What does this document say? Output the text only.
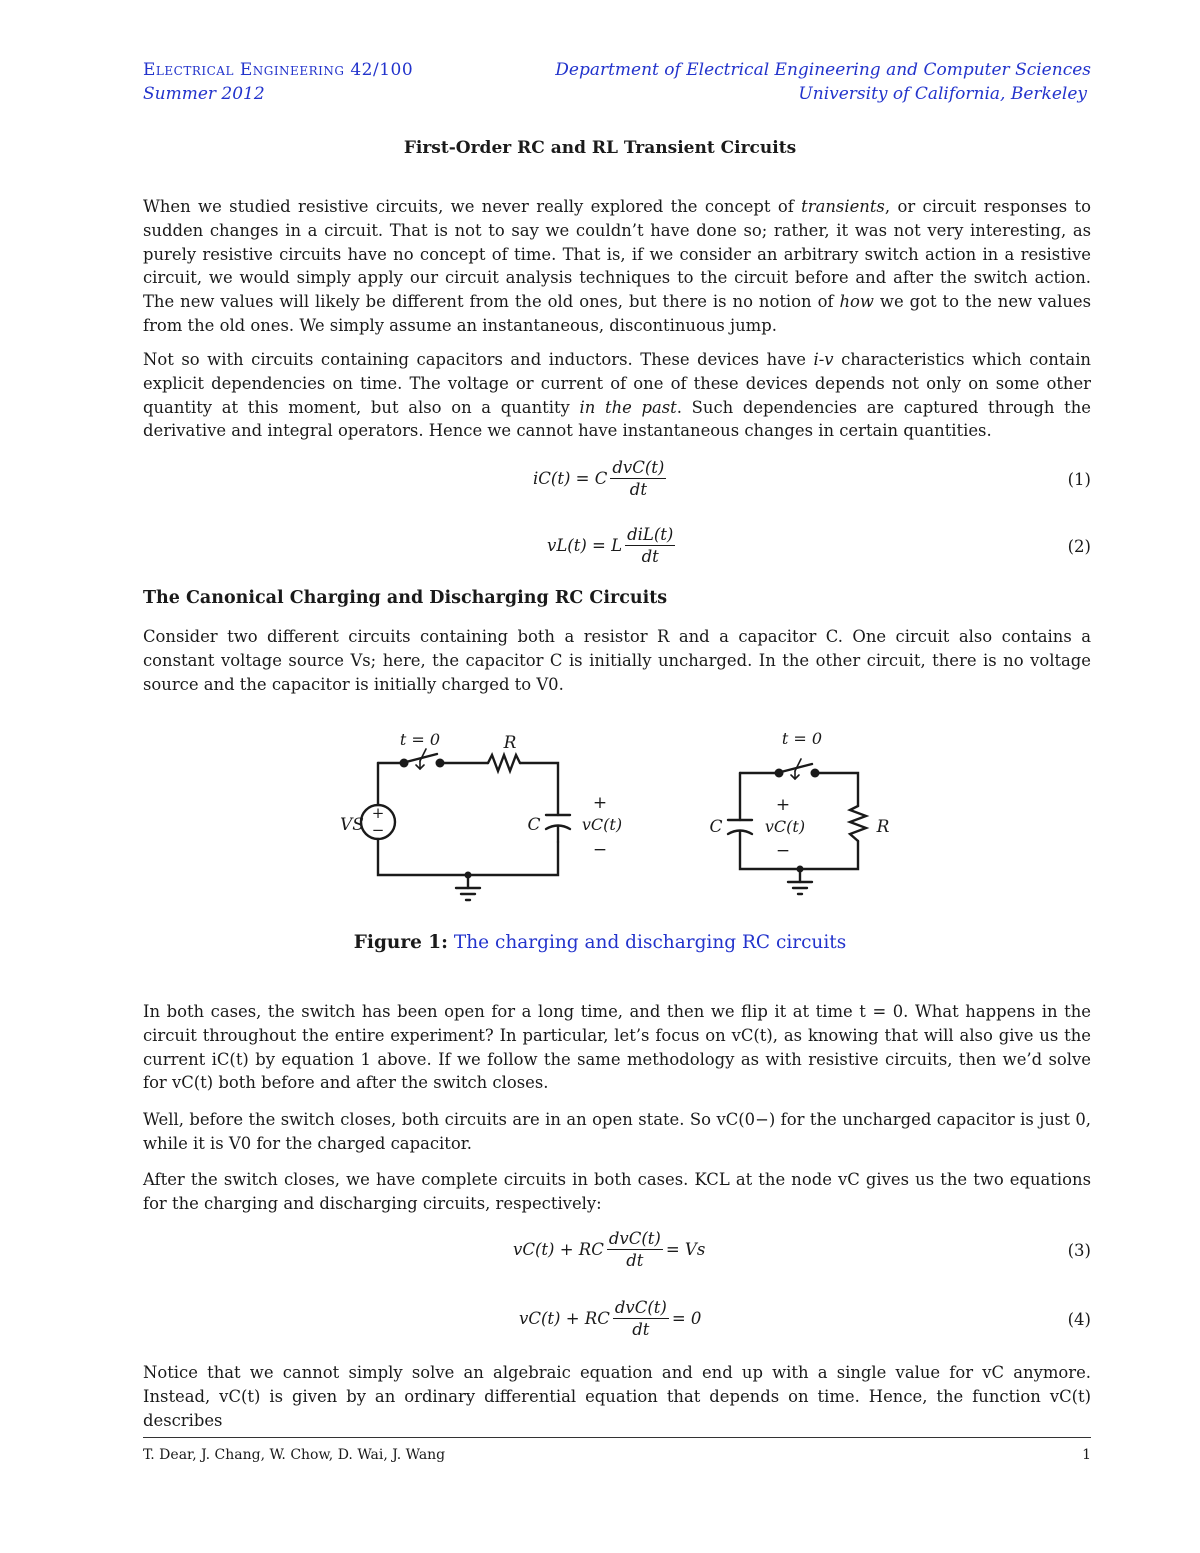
Electrical Engineering 42/100
Summer 2012
Department of Electrical Engineering and Computer Sciences
University of California, Berkeley
First-Order RC and RL Transient Circuits
When we studied resistive circuits, we never really explored the concept of transients, or circuit responses to sudden changes in a circuit. That is not to say we couldn’t have done so; rather, it was not very interesting, as purely resistive circuits have no concept of time. That is, if we consider an arbitrary switch action in a resistive circuit, we would simply apply our circuit analysis techniques to the circuit before and after the switch action. The new values will likely be different from the old ones, but there is no notion of how we got to the new values from the old ones. We simply assume an instantaneous, discontinuous jump.
Not so with circuits containing capacitors and inductors. These devices have i-v characteristics which contain explicit dependencies on time. The voltage or current of one of these devices depends not only on some other quantity at this moment, but also on a quantity in the past. Such dependencies are captured through the derivative and integral operators. Hence we cannot have instantaneous changes in certain quantities.
iC(t) = C $\frac{\text{dvC(t)}}{dt}$	(1)
vL(t) = L $\frac{\text{diL(t)}}{dt}$	(2)
The Canonical Charging and Discharging RC Circuits
Consider two different circuits containing both a resistor R and a capacitor C. One circuit also contains a constant voltage source Vs; here, the capacitor C is initially uncharged. In the other circuit, there is no voltage source and the capacitor is initially charged to V0.
+
−
t = 0	R
VS	C
+
vC(t)
−
t = 0
C
+
vC(t)
−
R
Figure 1: The charging and discharging RC circuits
In both cases, the switch has been open for a long time, and then we flip it at time t = 0. What happens in the circuit throughout the entire experiment? In particular, let’s focus on vC(t), as knowing that will also give us the current iC(t) by equation 1 above. If we follow the same methodology as with resistive circuits, then we’d solve for vC(t) both before and after the switch closes.
Well, before the switch closes, both circuits are in an open state. So vC(0−) for the uncharged capacitor is just 0, while it is V0 for the charged capacitor.
After the switch closes, we have complete circuits in both cases. KCL at the node vC gives us the two equations for the charging and discharging circuits, respectively:
vC(t) + RC $\frac{\text{dvC(t)}}{dt} = Vs$	(3)
vC(t) + RC $\frac{\text{dvC(t)}}{dt} = 0$	(4)
Notice that we cannot simply solve an algebraic equation and end up with a single value for vC anymore. Instead, vC(t) is given by an ordinary differential equation that depends on time. Hence, the function vC(t) describes
T. Dear, J. Chang, W. Chow, D. Wai, J. Wang	1
